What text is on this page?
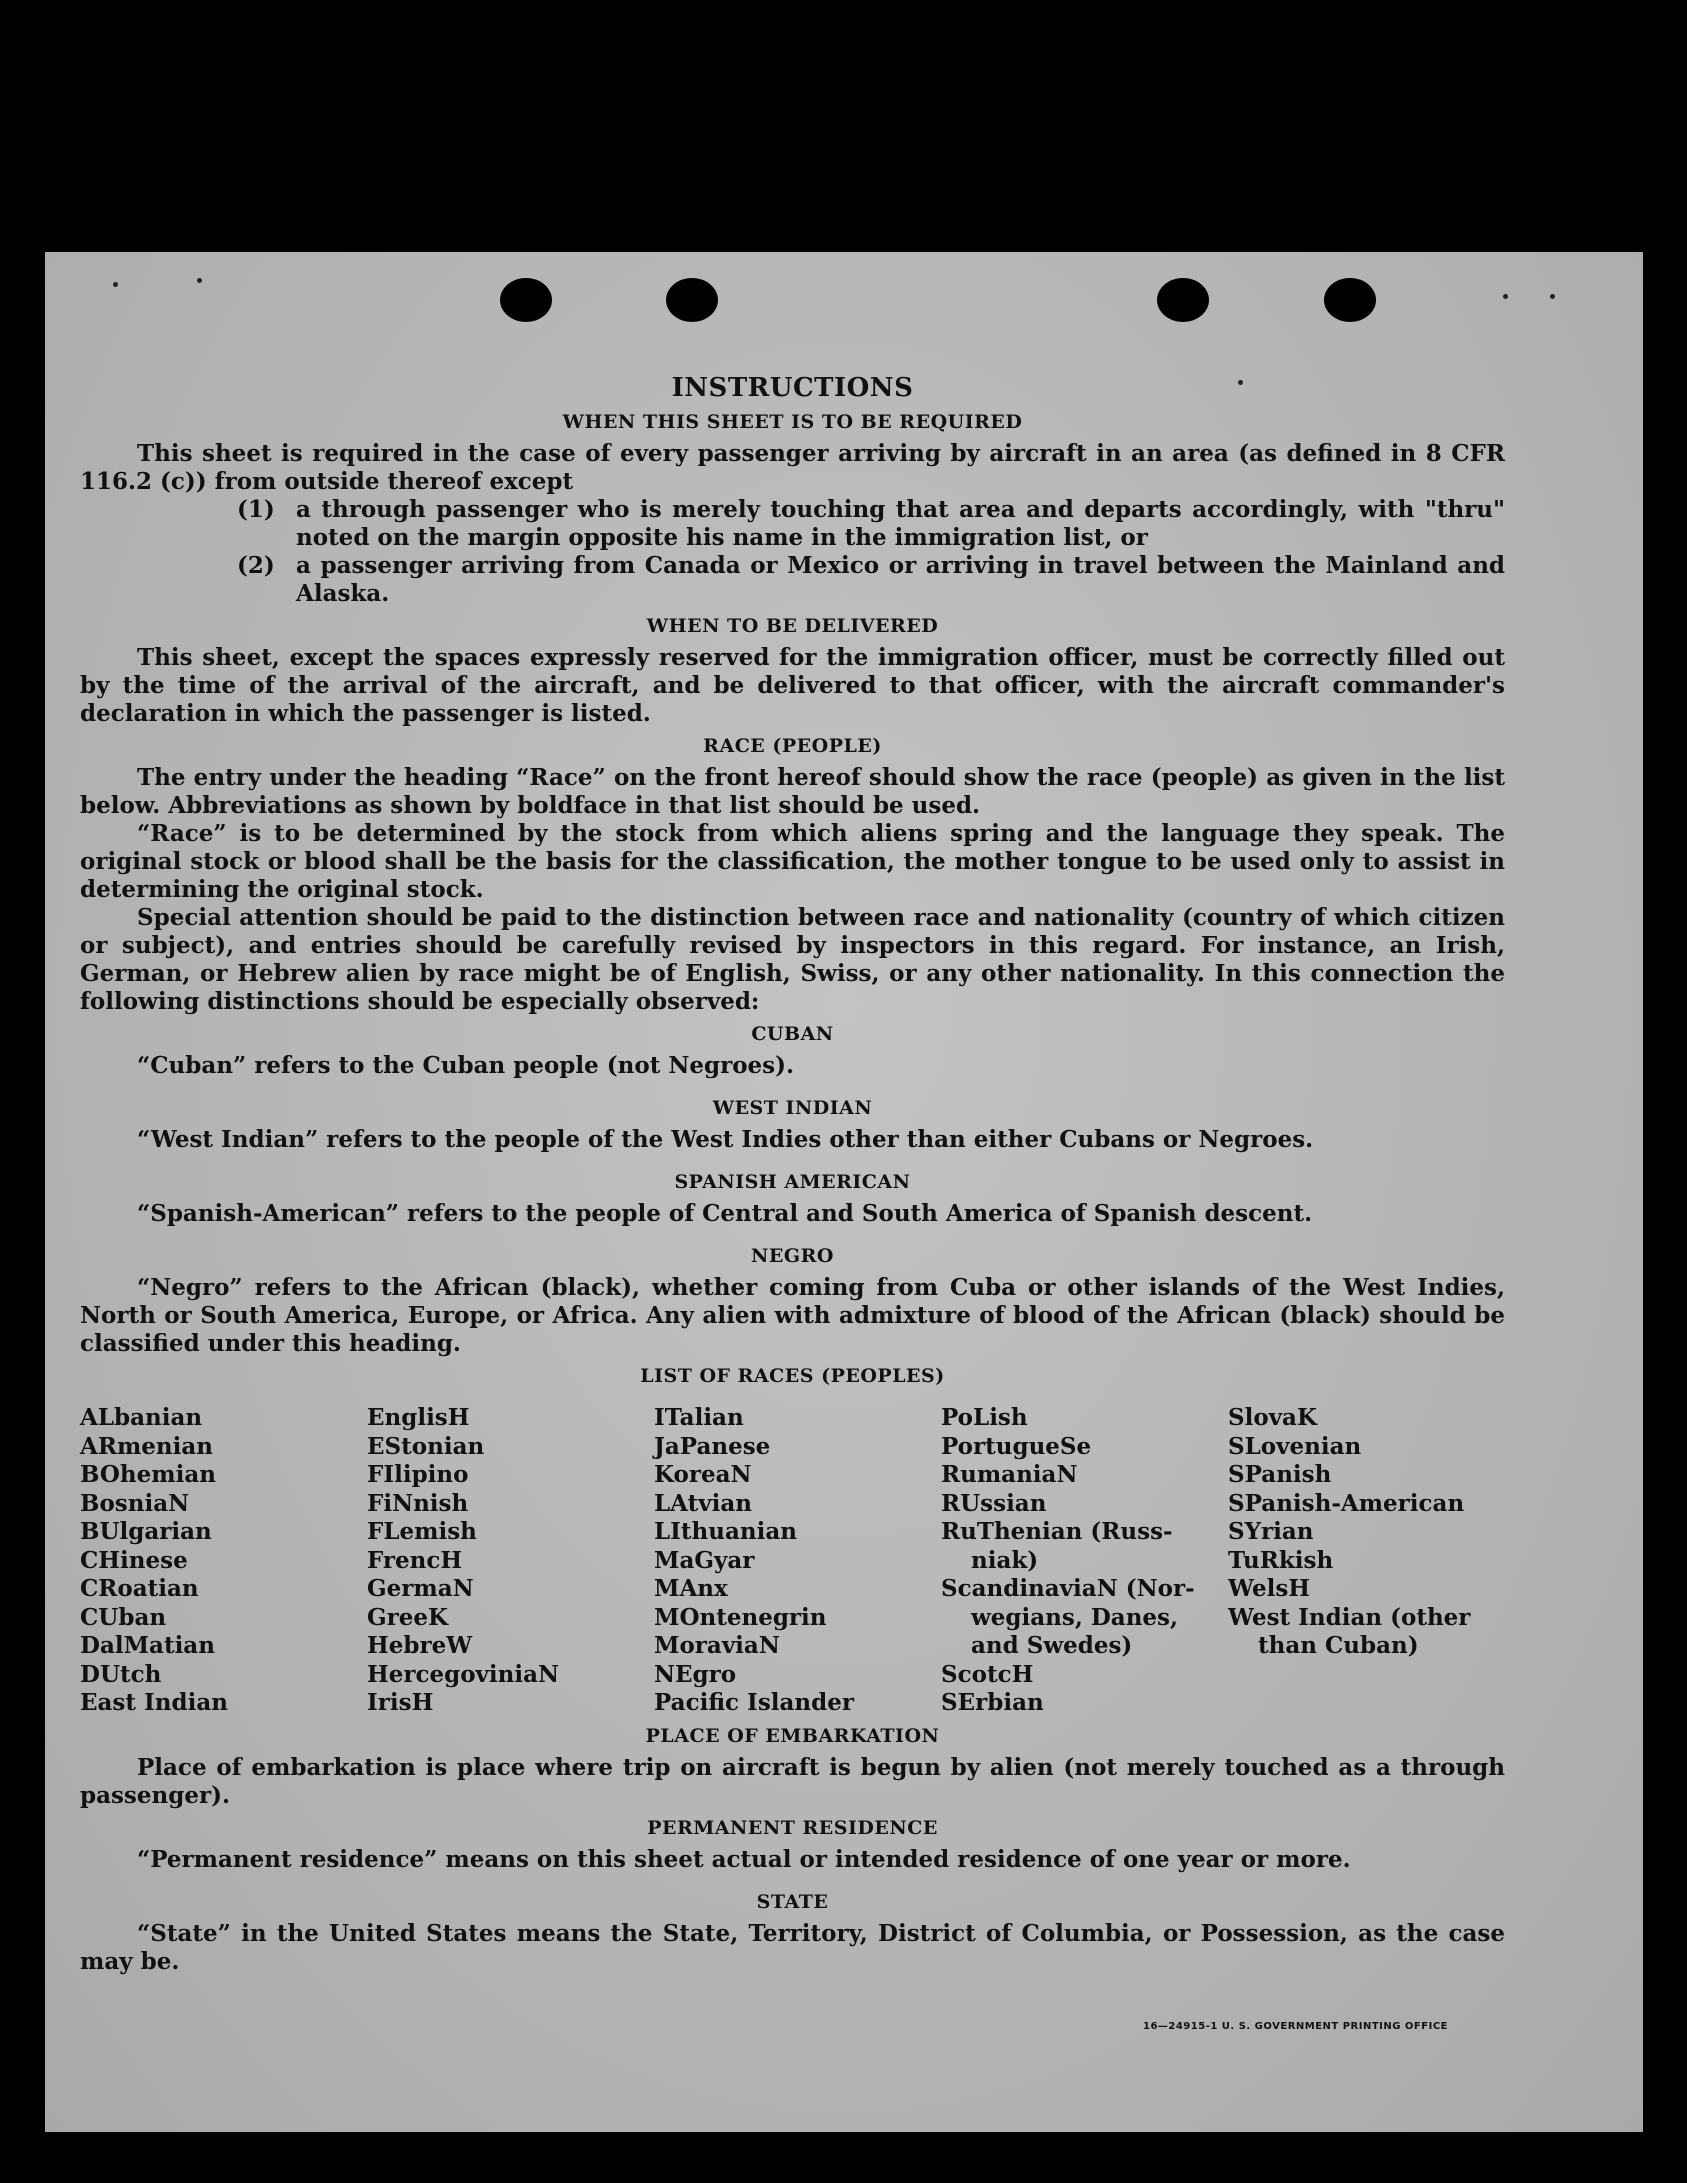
INSTRUCTIONS
WHEN THIS SHEET IS TO BE REQUIRED

This sheet is required in the case of every passenger arriving by aircraft in an area (as defined in 8 CFR 116.2 (c)) from outside thereof except

(1) a through passenger who is merely touching that area and departs accordingly, with "thru" noted on the margin opposite his name in the immigration list, or
(2) a passenger arriving from Canada or Mexico or arriving in travel between the Mainland and Alaska.
WHEN TO BE DELIVERED

This sheet, except the spaces expressly reserved for the immigration officer, must be correctly filled out by the time of the arrival of the aircraft, and be delivered to that officer, with the aircraft commander's declaration in which the passenger is listed.

RACE (PEOPLE)

The entry under the heading “Race” on the front hereof should show the race (people) as given in the list below. Abbreviations as shown by boldface in that list should be used.

“Race” is to be determined by the stock from which aliens spring and the language they speak. The original stock or blood shall be the basis for the classification, the mother tongue to be used only to assist in determining the original stock.

Special attention should be paid to the distinction between race and nationality (country of which citizen or subject), and entries should be carefully revised by inspectors in this regard. For instance, an Irish, German, or Hebrew alien by race might be of English, Swiss, or any other nationality. In this connection the following distinctions should be especially observed:

CUBAN

“Cuban” refers to the Cuban people (not Negroes).

WEST INDIAN

“West Indian” refers to the people of the West Indies other than either Cubans or Negroes.

SPANISH AMERICAN

“Spanish-American” refers to the people of Central and South America of Spanish descent.

NEGRO

“Negro” refers to the African (black), whether coming from Cuba or other islands of the West Indies, North or South America, Europe, or Africa. Any alien with admixture of blood of the African (black) should be classified under this heading.

LIST OF RACES (PEOPLES)
ALbanian
ARmenian
BOhemian
BosniaN
BUlgarian
CHinese
CRoatian
CUban
DalMatian
DUtch
East Indian
EnglisH
EStonian
FIlipino
FiNnish
FLemish
FrencH
GermaN
GreeK
HebreW
HercegoviniaN
IrisH
ITalian
JaPanese
KoreaN
LAtvian
LIthuanian
MaGyar
MAnx
MOntenegrin
MoraviaN
NEgro
Pacific Islander
PoLish
PortugueSe
RumaniaN
RUssian
RuThenian (Russ-
niak)
ScandinaviaN (Nor-
wegians, Danes,
and Swedes)
ScotcH
SErbian
SlovaK
SLovenian
SPanish
SPanish-American
SYrian
TuRkish
WelsH
West Indian (other
than Cuban)
PLACE OF EMBARKATION

Place of embarkation is place where trip on aircraft is begun by alien (not merely touched as a through passenger).

PERMANENT RESIDENCE

“Permanent residence” means on this sheet actual or intended residence of one year or more.

STATE

“State” in the United States means the State, Territory, District of Columbia, or Possession, as the case may be.

16—24915-1 U. S. GOVERNMENT PRINTING OFFICE
